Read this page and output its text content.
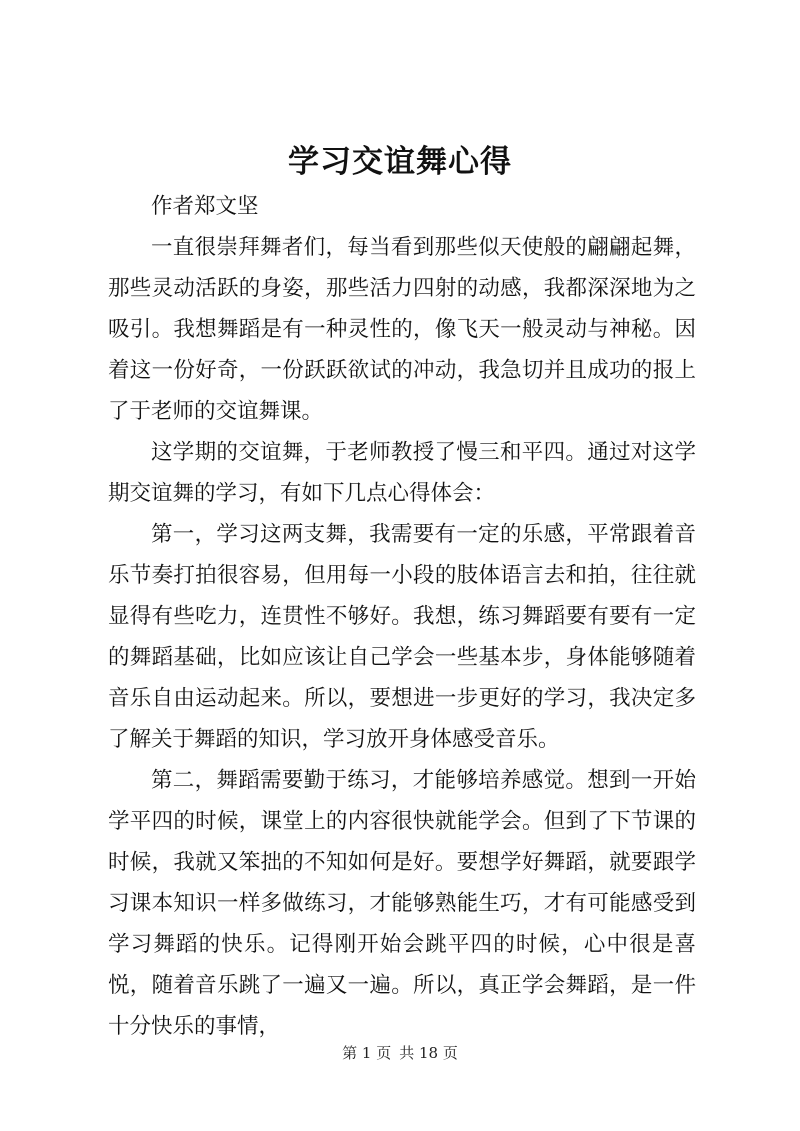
学习交谊舞心得

作者郑文坚

一直很崇拜舞者们，每当看到那些似天使般的翩翩起舞，那些灵动活跃的身姿，那些活力四射的动感，我都深深地为之吸引。我想舞蹈是有一种灵性的，像飞天一般灵动与神秘。因着这一份好奇，一份跃跃欲试的冲动，我急切并且成功的报上了于老师的交谊舞课。

这学期的交谊舞，于老师教授了慢三和平四。通过对这学期交谊舞的学习，有如下几点心得体会：

第一，学习这两支舞，我需要有一定的乐感，平常跟着音乐节奏打拍很容易，但用每一小段的肢体语言去和拍，往往就显得有些吃力，连贯性不够好。我想，练习舞蹈要有要有一定的舞蹈基础，比如应该让自己学会一些基本步，身体能够随着音乐自由运动起来。所以，要想进一步更好的学习，我决定多了解关于舞蹈的知识，学习放开身体感受音乐。

第二，舞蹈需要勤于练习，才能够培养感觉。想到一开始学平四的时候，课堂上的内容很快就能学会。但到了下节课的时候，我就又笨拙的不知如何是好。要想学好舞蹈，就要跟学习课本知识一样多做练习，才能够熟能生巧，才有可能感受到学习舞蹈的快乐。记得刚开始会跳平四的时候，心中很是喜悦，随着音乐跳了一遍又一遍。所以，真正学会舞蹈，是一件十分快乐的事情，

第 1 页 共 18 页
